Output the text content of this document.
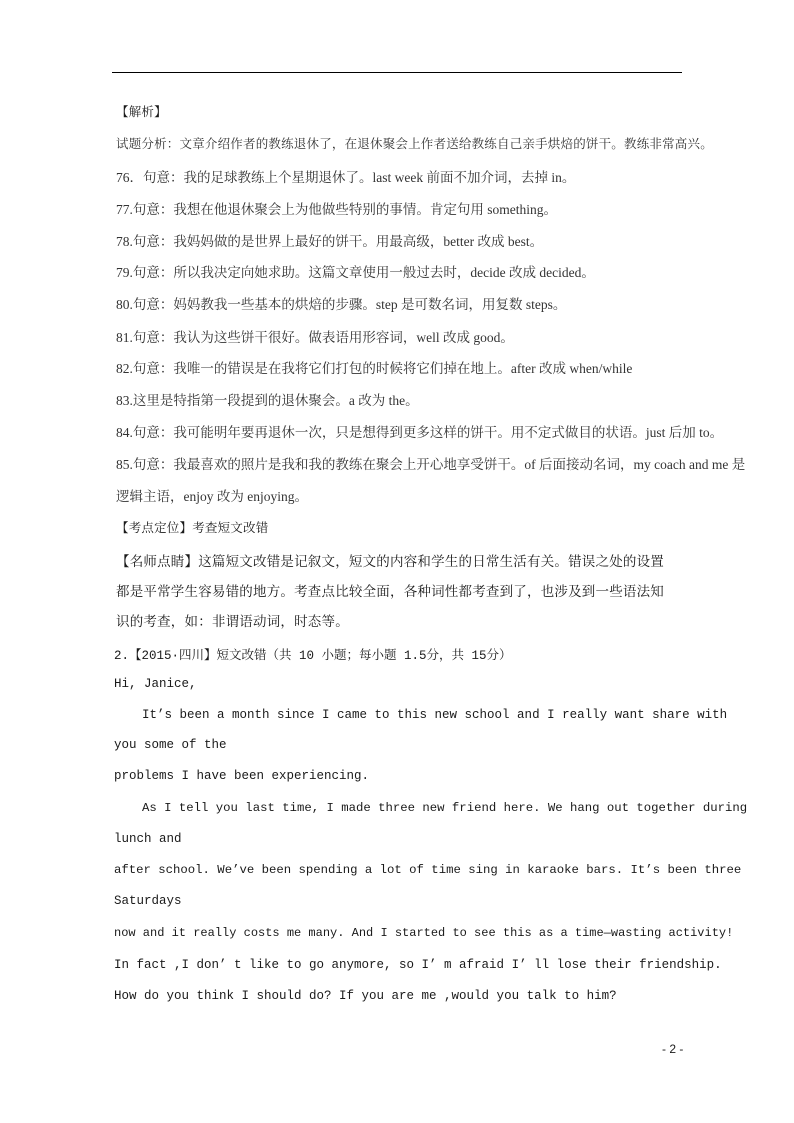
【解析】
试题分析：文章介绍作者的教练退休了，在退休聚会上作者送给教练自己亲手烘焙的饼干。教练非常高兴。
76．句意：我的足球教练上个星期退休了。last week 前面不加介词，去掉 in。
77.句意：我想在他退休聚会上为他做些特别的事情。肯定句用 something。
78.句意：我妈妈做的是世界上最好的饼干。用最高级，better 改成 best。
79.句意：所以我决定向她求助。这篇文章使用一般过去时，decide 改成 decided。
80.句意：妈妈教我一些基本的烘焙的步骤。step 是可数名词，用复数 steps。
81.句意：我认为这些饼干很好。做表语用形容词，well 改成 good。
82.句意：我唯一的错误是在我将它们打包的时候将它们掉在地上。after 改成 when/while
83.这里是特指第一段提到的退休聚会。a 改为 the。
84.句意：我可能明年要再退休一次，只是想得到更多这样的饼干。用不定式做目的状语。just 后加 to。
85.句意：我最喜欢的照片是我和我的教练在聚会上开心地享受饼干。of 后面接动名词，my coach and me 是
逻辑主语，enjoy 改为 enjoying。
【考点定位】考查短文改错
【名师点睛】这篇短文改错是记叙文，短文的内容和学生的日常生活有关。错误之处的设置
都是平常学生容易错的地方。考查点比较全面，各种词性都考查到了，也涉及到一些语法知
识的考查，如：非谓语动词，时态等。
2.【2015·四川】短文改错（共 10 小题；每小题 1.5分，共 15分）
Hi, Janice,
It’s been a month since I came to this new school and I really want share with
you some of the
problems I have been experiencing.
As I tell you last time, I made three new friend here. We hang out together during
lunch and
after school. We’ve been spending a lot of time sing in karaoke bars. It’s been three
Saturdays
now and it really costs me many. And I started to see this as a time—wasting activity!
In fact ,I don’ t like to go anymore, so I’ m afraid I’ ll lose their friendship.
How do you think I should do? If you are me ,would you talk to him?
- 2 -
